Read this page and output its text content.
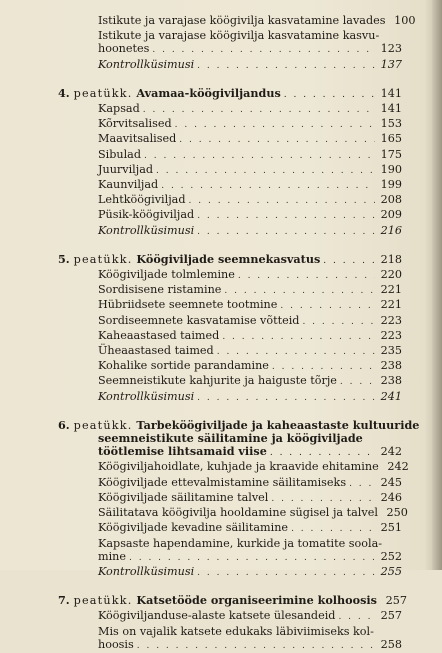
Istikute ja varajase köögivilja kasvatamine lavades 100
Istikute ja varajase köögivilja kasvatamine kasvu-
hoonetes . . .	123
Kontrollküsimusi . . .	137
4. peatükk. Avamaa-köögiviljandus . . .	141
Kapsad . . .	141
Kõrvitsalised . . .	153
Maavitsalised . . .	165
Sibulad . . .	175
Juurviljad . . .	190
Kaunviljad . . .	199
Lehtköögiviljad . . .	208
Püsik-köögiviljad . . .	209
Kontrollküsimusi . . .	216
5. peatükk. Köögiviljade seemnekasvatus . . .	218
Köögiviljade tolmlemine . . .	220
Sordisisene ristamine . . .	221
Hübriidsete seemnete tootmine . . .	221
Sordiseemnete kasvatamise võtteid . . .	223
Kaheaastased taimed . . .	223
Üheaastased taimed . . .	235
Kohalike sortide parandamine . . .	238
Seemneistikute kahjurite ja haiguste tõrje . . .	238
Kontrollküsimusi . . .	241
6. peatükk. Tarbeköögiviljade ja kaheaastaste kultuuride
seemneistikute säilitamine ja köögiviljade
töötlemise lihtsamaid viise . . .	242
Köögiviljahoidlate, kuhjade ja kraavide ehitamine 242
Köögiviljade ettevalmistamine säilitamiseks . . .	245
Köögiviljade säilitamine talvel . . .	246
Säilitatava köögivilja hooldamine sügisel ja talvel 250
Köögiviljade kevadine säilitamine . . .	251
Kapsaste hapendamine, kurkide ja tomatite soola-
mine . . .	252
Kontrollküsimusi . . .	255
7. peatükk. Katsetööde organiseerimine kolhoosis 257
Köögiviljanduse-alaste katsete ülesandeid . . .	257
Mis on vajalik katsete edukaks läbiviimiseks kol-
hoosis . . .	258
